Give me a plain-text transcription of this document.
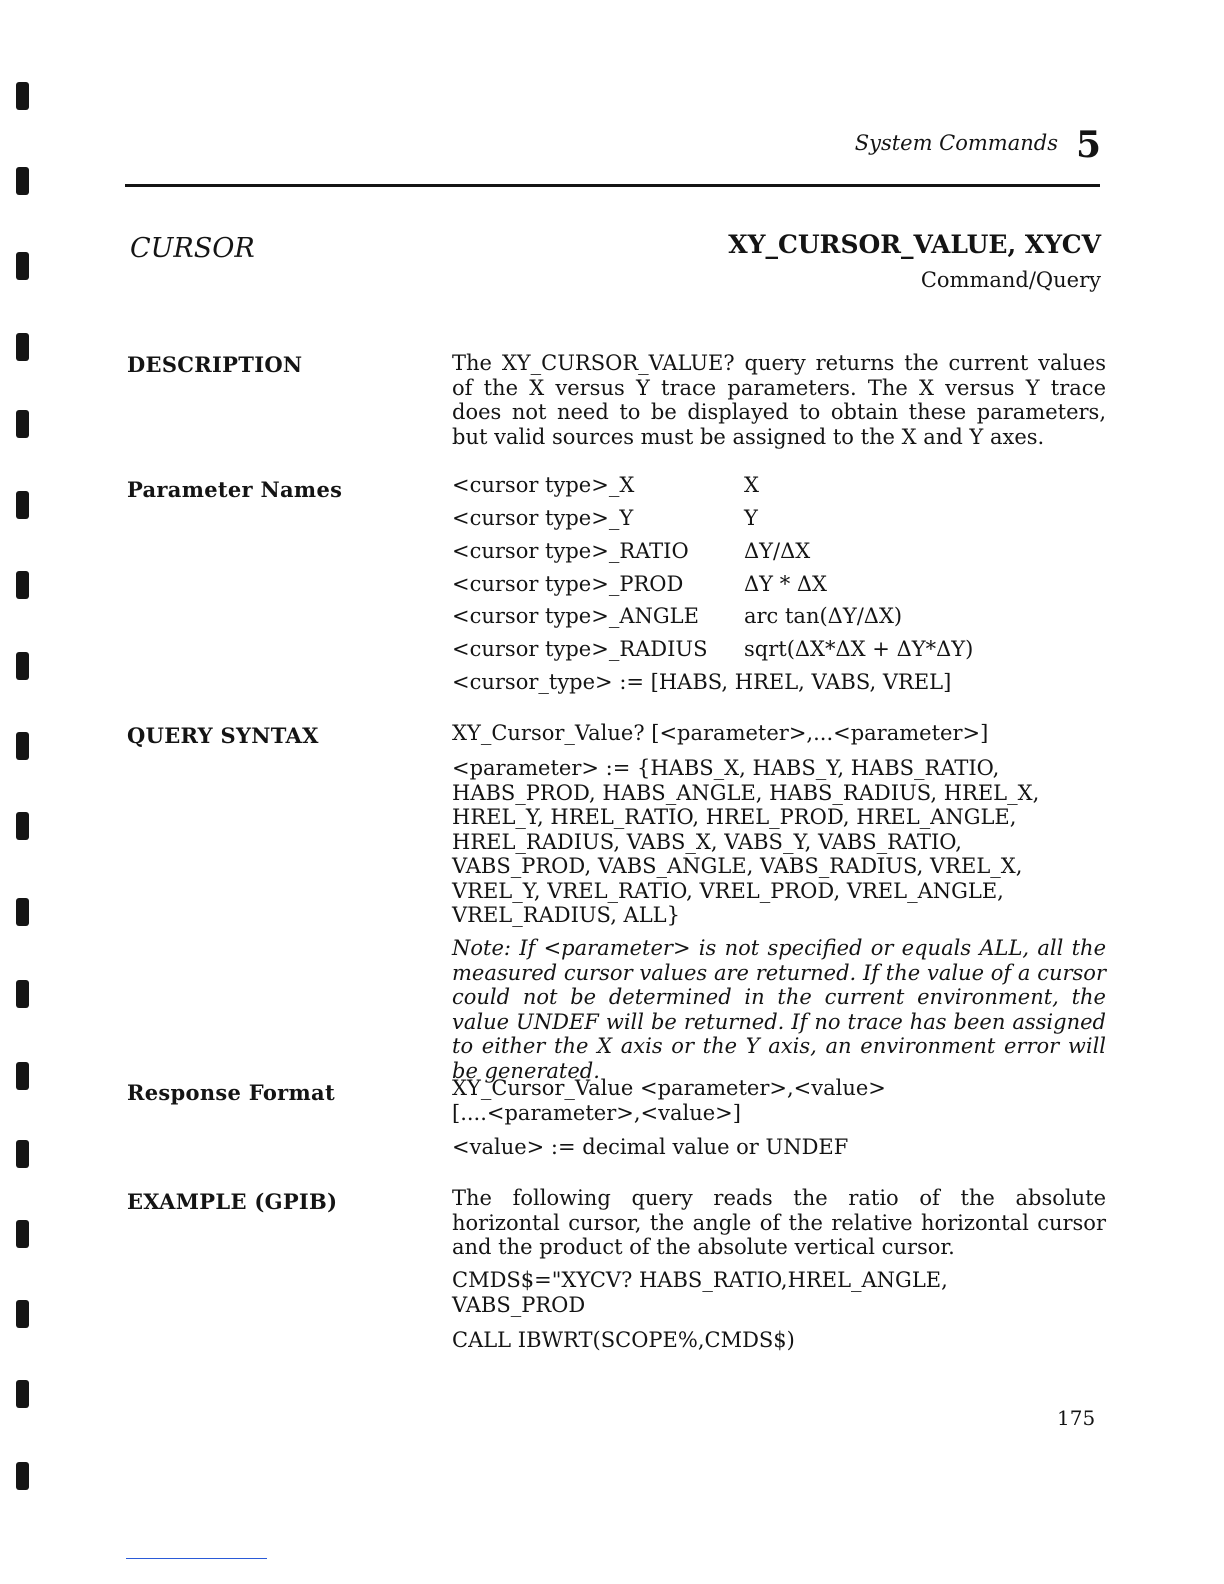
System Commands 5
CURSOR	XY_CURSOR_VALUE, XYCV
Command/Query
DESCRIPTION	The XY_CURSOR_VALUE? query returns the current values of the X versus Y trace parameters. The X versus Y trace does not need to be displayed to obtain these parameters, but valid sources must be assigned to the X and Y axes.

Parameter Names	<cursor type>_X	X
<cursor type>_Y	Y
<cursor type>_RATIO	ΔY/ΔX
<cursor type>_PROD	ΔY * ΔX
<cursor type>_ANGLE arc tan(ΔY/ΔX)
<cursor type>_RADIUS sqrt(ΔX*ΔX + ΔY*ΔY)
<cursor_type> := [HABS, HREL, VABS, VREL]
QUERY SYNTAX	XY_Cursor_Value? [<parameter>,...<parameter>]
<parameter> := {HABS_X, HABS_Y, HABS_RATIO,
HABS_PROD, HABS_ANGLE, HABS_RADIUS, HREL_X,
HREL_Y, HREL_RATIO, HREL_PROD, HREL_ANGLE,
HREL_RADIUS, VABS_X, VABS_Y, VABS_RATIO,
VABS_PROD, VABS_ANGLE, VABS_RADIUS, VREL_X,
VREL_Y, VREL_RATIO, VREL_PROD, VREL_ANGLE,
VREL_RADIUS, ALL}

Note: If <parameter> is not specified or equals ALL, all the measured cursor values are returned. If the value of a cursor could not be determined in the current environment, the value UNDEF will be returned. If no trace has been assigned to either the X axis or the Y axis, an environment error will be generated.

Response Format	XY_Cursor_Value <parameter>,<value>
[....<parameter>,<value>]
<value> := decimal value or UNDEF
EXAMPLE (GPIB)	The following query reads the ratio of the absolute horizontal cursor, the angle of the relative horizontal cursor and the product of the absolute vertical cursor.

CMDS$="XYCV? HABS_RATIO,HREL_ANGLE,
VABS_PROD
CALL IBWRT(SCOPE%,CMDS$)
175
